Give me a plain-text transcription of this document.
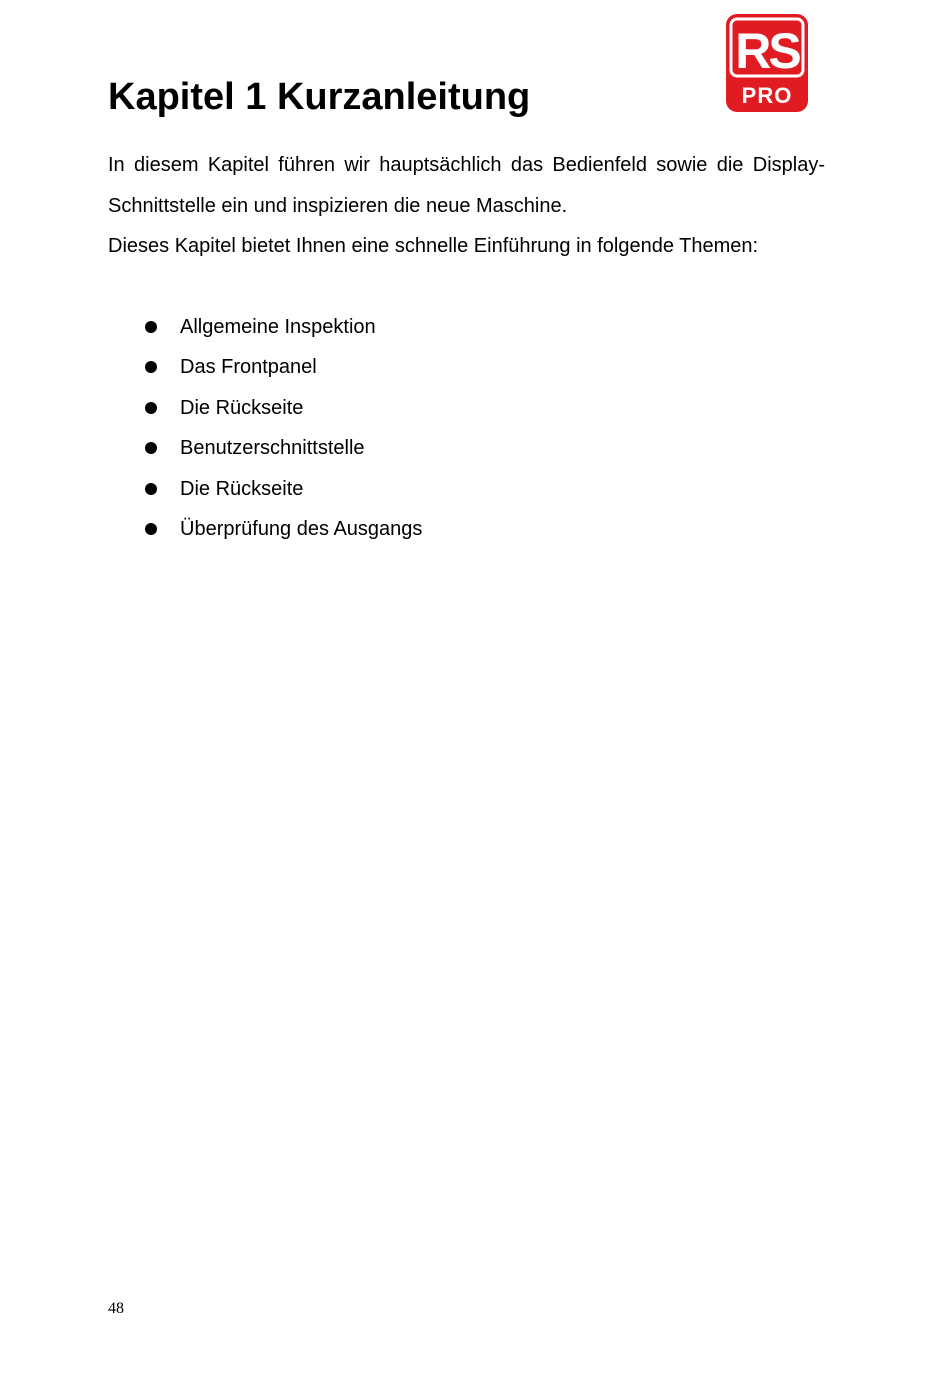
RS
PRO
Kapitel 1 Kurzanleitung

In diesem Kapitel führen wir hauptsächlich das Bedienfeld sowie die Display-Schnittstelle ein und inspizieren die neue Maschine.

Dieses Kapitel bietet Ihnen eine schnelle Einführung in folgende Themen:

Allgemeine Inspektion
Das Frontpanel
Die Rückseite
Benutzerschnittstelle
Die Rückseite
Überprüfung des Ausgangs
48
